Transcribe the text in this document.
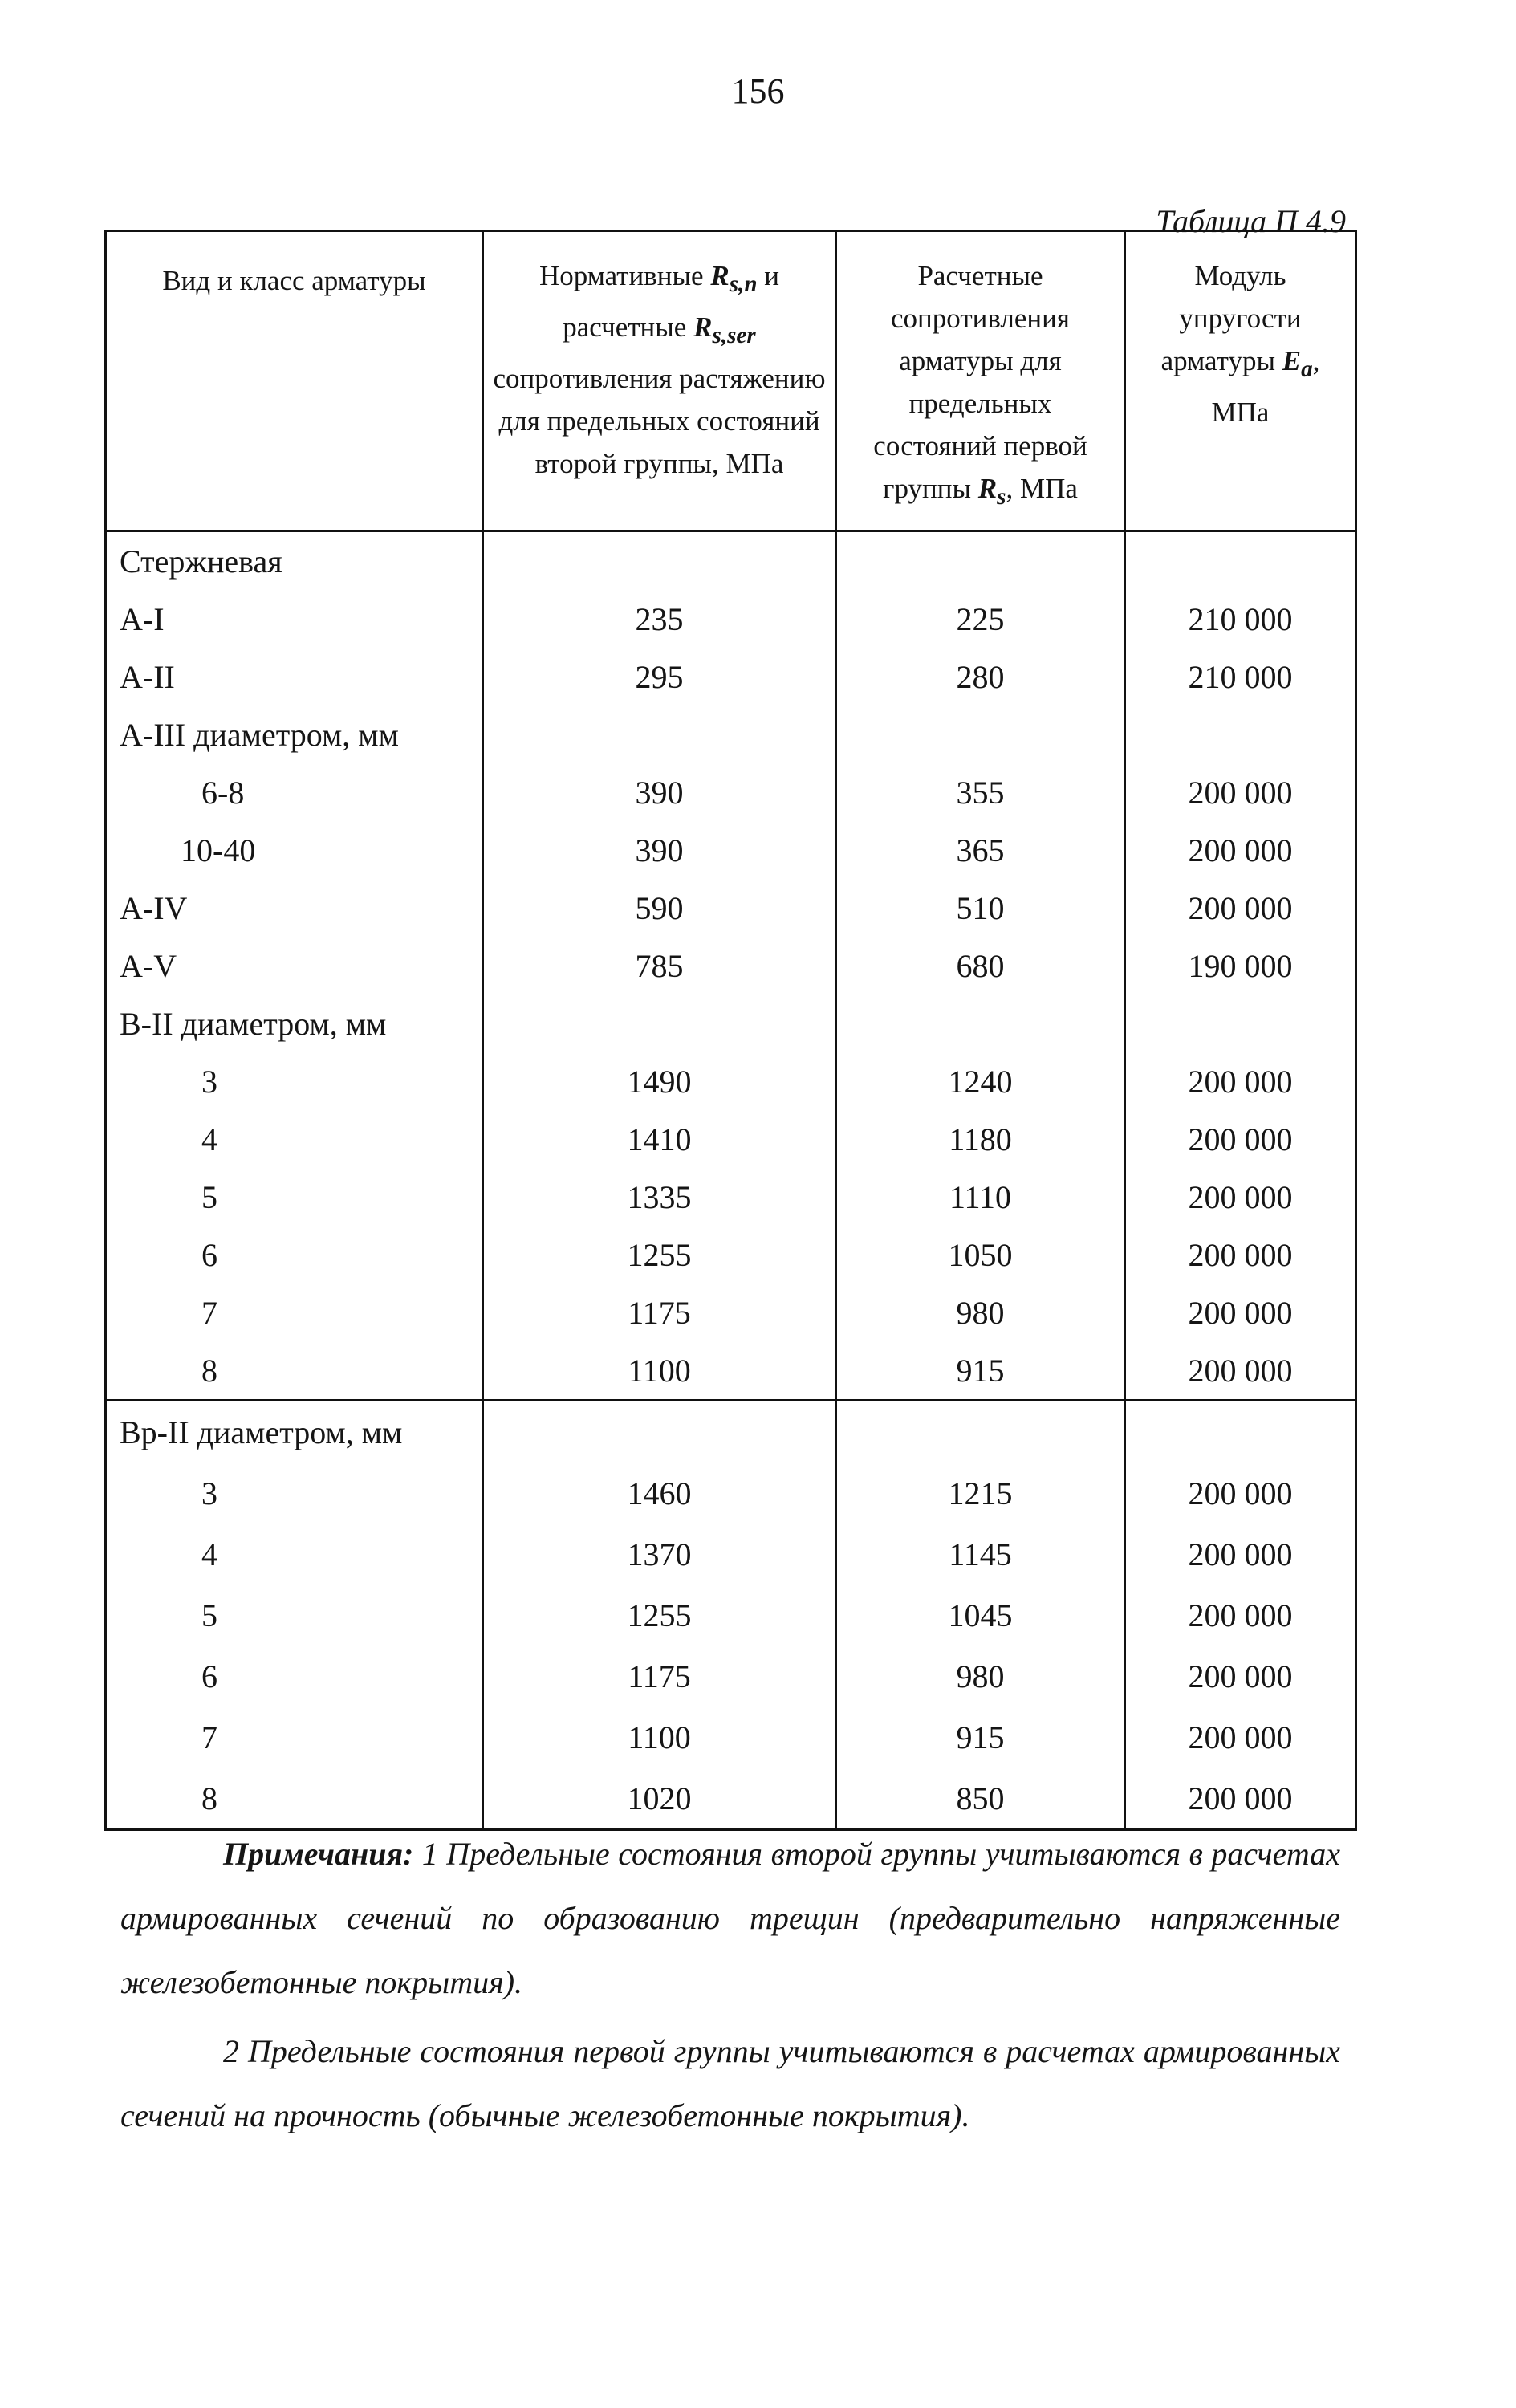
156
Таблица П 4.9
Вид и класс арматуры	Нормативные $R_{s,n}$ и расчетные $R_{s,ser}$ сопротивления растяжению для предельных состояний второй группы, МПа	Расчетные сопротивления арматуры для предельных состояний первой группы $R_s$, МПа	Модуль упругости арматуры $E_a$, МПа
Стержневая			
А-I	235	225	210 000
А-II	295	280	210 000
А-III диаметром, мм			
6-8	390	355	200 000
10-40	390	365	200 000
А-IV	590	510	200 000
А-V	785	680	190 000
В-II диаметром, мм			
3	1490	1240	200 000
4	1410	1180	200 000
5	1335	1110	200 000
6	1255	1050	200 000
7	1175	980	200 000
8	1100	915	200 000
Вр-II диаметром, мм			
3	1460	1215	200 000
4	1370	1145	200 000
5	1255	1045	200 000
6	1175	980	200 000
7	1100	915	200 000
8	1020	850	200 000

Примечания: 1 Предельные состояния второй группы учитываются в расчетах армированных сечений по образованию трещин (предварительно напряженные железобетонные покрытия).

2 Предельные состояния первой группы учитываются в расчетах армированных сечений на прочность (обычные железобетонные покрытия).
